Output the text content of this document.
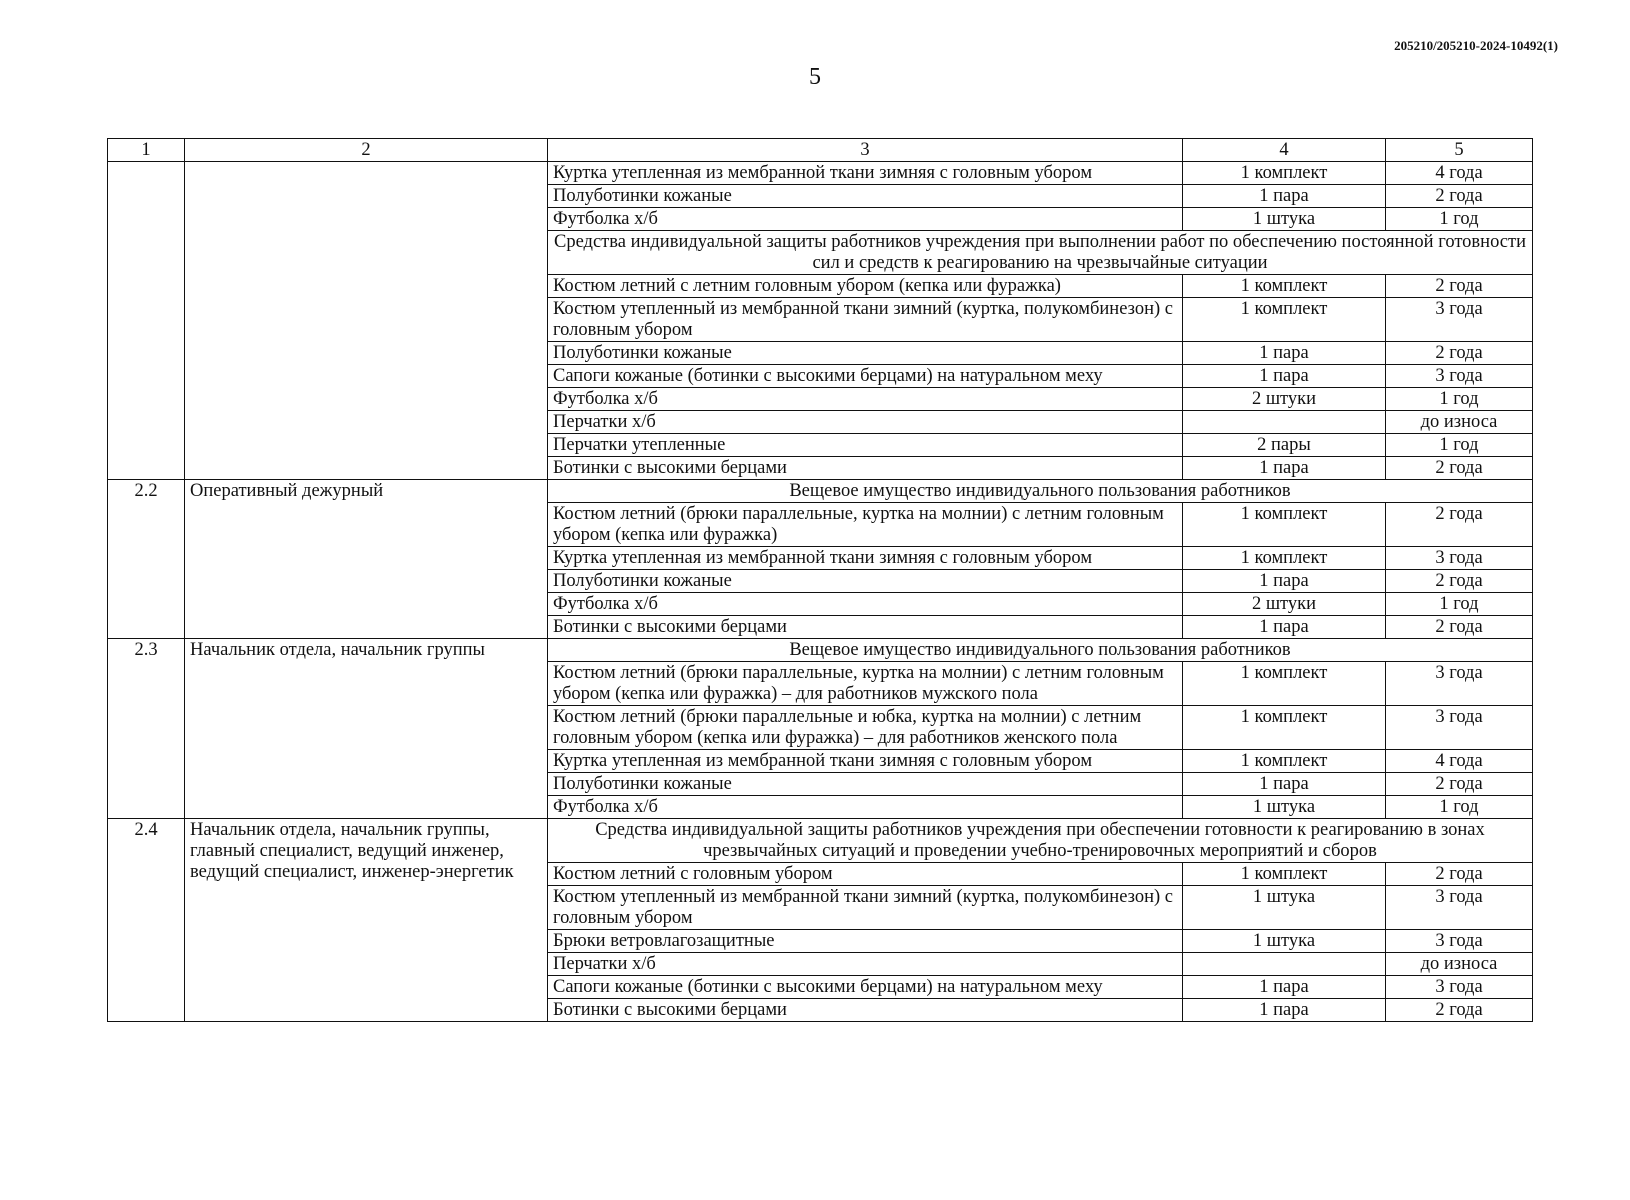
205210/205210-2024-10492(1)
5
1	2	3	4	5
		Куртка утепленная из мембранной ткани зимняя с головным убором	1 комплект	4 года
		Полуботинки кожаные	1 пара	2 года
		Футболка х/б	1 штука	1 год
		Средства индивидуальной защиты работников учреждения при выполнении работ по обеспечению постоянной готовности сил и средств к реагированию на чрезвычайные ситуации		
		Костюм летний с летним головным убором (кепка или фуражка)	1 комплект	2 года
		Костюм утепленный из мембранной ткани зимний (куртка, полукомбинезон) с головным убором	1 комплект	3 года
		Полуботинки кожаные	1 пара	2 года
		Сапоги кожаные (ботинки с высокими берцами) на натуральном меху	1 пара	3 года
		Футболка х/б	2 штуки	1 год
		Перчатки х/б		до износа
		Перчатки утепленные	2 пары	1 год
		Ботинки с высокими берцами	1 пара	2 года
2.2	Оперативный дежурный	Вещевое имущество индивидуального пользования работников		
		Костюм летний (брюки параллельные, куртка на молнии) с летним головным убором (кепка или фуражка)	1 комплект	2 года
		Куртка утепленная из мембранной ткани зимняя с головным убором	1 комплект	3 года
		Полуботинки кожаные	1 пара	2 года
		Футболка х/б	2 штуки	1 год
		Ботинки с высокими берцами	1 пара	2 года
2.3	Начальник отдела, начальник группы	Вещевое имущество индивидуального пользования работников		
		Костюм летний (брюки параллельные, куртка на молнии) с летним головным убором (кепка или фуражка) – для работников мужского пола	1 комплект	3 года
		Костюм летний (брюки параллельные и юбка, куртка на молнии) с летним головным убором (кепка или фуражка) – для работников женского пола	1 комплект	3 года
		Куртка утепленная из мембранной ткани зимняя с головным убором	1 комплект	4 года
		Полуботинки кожаные	1 пара	2 года
		Футболка х/б	1 штука	1 год
2.4	Начальник отдела, начальник группы, главный специалист, ведущий инженер, ведущий специалист, инженер-энергетик	Средства индивидуальной защиты работников учреждения при обеспечении готовности к реагированию в зонах чрезвычайных ситуаций и проведении учебно-тренировочных мероприятий и сборов		
		Костюм летний с головным убором	1 комплект	2 года
		Костюм утепленный из мембранной ткани зимний (куртка, полукомбинезон) с головным убором	1 штука	3 года
		Брюки ветровлагозащитные	1 штука	3 года
		Перчатки х/б		до износа
		Сапоги кожаные (ботинки с высокими берцами) на натуральном меху	1 пара	3 года
		Ботинки с высокими берцами	1 пара	2 года
